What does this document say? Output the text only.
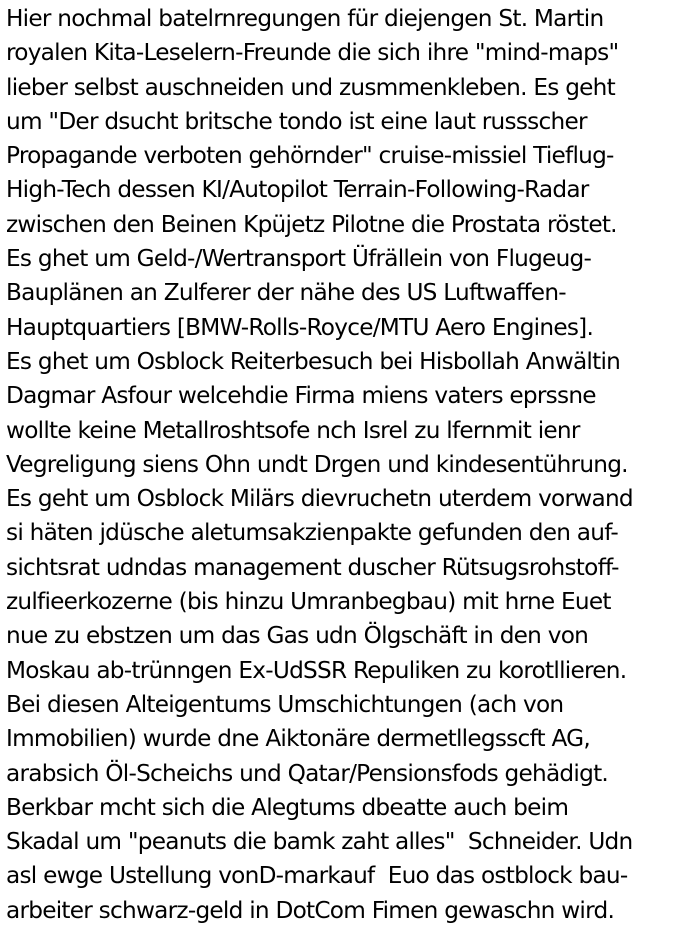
Hier nochmal batelrnregungen für diejengen St. Martin
royalen Kita-Leselern-Freunde die sich ihre "mind-maps"
lieber selbst auschneiden und zusmmenkleben. Es geht
um "Der dsucht britsche tondo ist eine laut russscher
Propagande verboten gehörnder" cruise-missiel Tieflug-
High-Tech dessen KI/Autopilot Terrain-Following-Radar
zwischen den Beinen Kpüjetz Pilotne die Prostata röstet.
Es ghet um Geld-/Wertransport Üfrällein von Flugeug-
Bauplänen an Zulferer der nähe des US Luftwaffen-
Hauptquartiers [BMW-Rolls-Royce/MTU Aero Engines].
Es ghet um Osblock Reiterbesuch bei Hisbollah Anwältin
Dagmar Asfour welcehdie Firma miens vaters eprssne
wollte keine Metallroshtsofe nch Isrel zu lfernmit ienr
Vegreligung siens Ohn undt Drgen und kindesentührung.
Es geht um Osblock Milärs dievruchetn uterdem vorwand
si häten jdüsche aletumsakzienpakte gefunden den auf-
sichtsrat udndas management duscher Rütsugsrohstoff-
zulfieerkozerne (bis hinzu Umranbegbau) mit hrne Euet
nue zu ebstzen um das Gas udn Ölgschäft in den von
Moskau ab-trünngen Ex-UdSSR Repuliken zu korotllieren.
Bei diesen Alteigentums Umschichtungen (ach von
Immobilien) wurde dne Aiktonäre dermetllegsscft AG,
arabsich Öl-Scheichs und Qatar/Pensionsfods gehädigt.
Berkbar mcht sich die Alegtums dbeatte auch beim
Skadal um "peanuts die bamk zaht alles"  Schneider. Udn
asl ewge Ustellung vonD-markauf  Euo das ostblock bau-
arbeiter schwarz-geld in DotCom Fimen gewaschn wird.
